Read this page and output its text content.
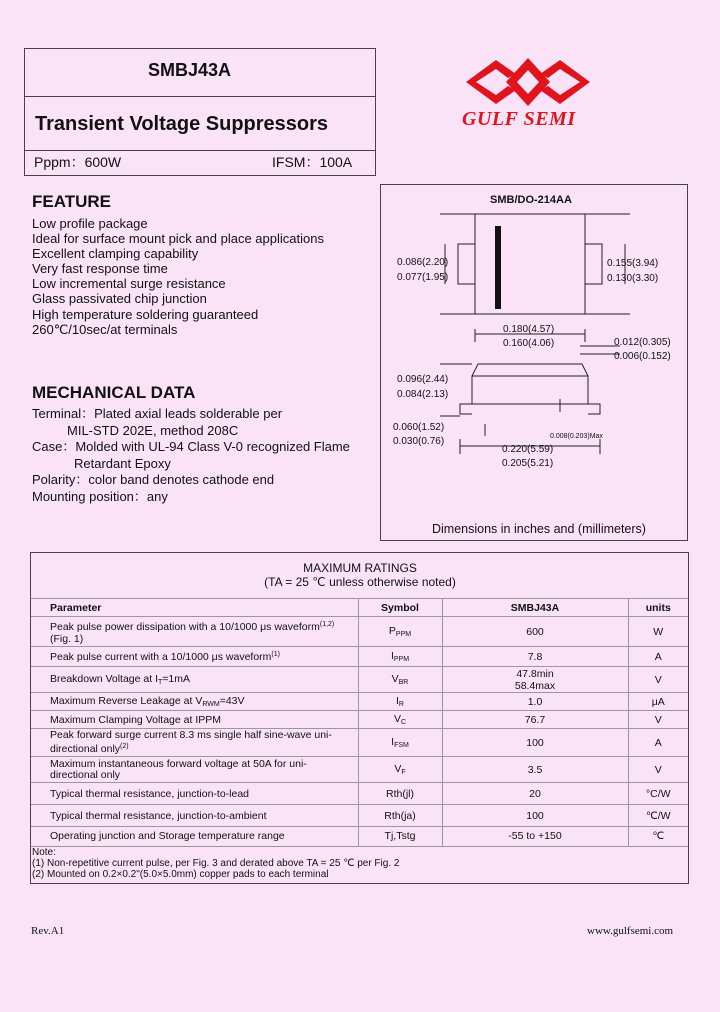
SMBJ43A
Transient Voltage Suppressors
Pppm：600W	IFSM：100A
GULF SEMI
FEATURE
Low profile package
Ideal for surface mount pick and place applications
Excellent clamping capability
Very fast response time
Low incremental surge resistance
Glass passivated chip junction
High temperature soldering guaranteed
260℃/10sec/at terminals
MECHANICAL DATA
Terminal：Plated axial leads solderable per
MIL-STD 202E, method 208C
Case：Molded with UL-94 Class V-0 recognized Flame
Retardant Epoxy
Polarity：color band denotes cathode end
Mounting position：any
SMB/DO-214AA
0.086(2.20)
0.077(1.95)
0.155(3.94)
0.130(3.30)
0.180(4.57)
0.160(4.06)	0.012(0.305)
0.006(0.152)
0.096(2.44)
0.084(2.13)
0.060(1.52)
0.030(0.76)	0.008(0.203)Max
0.220(5.59)
0.205(5.21)
Dimensions in inches and (millimeters)
MAXIMUM RATINGS
(TA = 25 ℃ unless otherwise noted)
Parameter	Symbol	SMBJ43A	units
Peak pulse power dissipation with a 10/1000 μs waveform$^{(1,2)}$
(Fig. 1)	PPPM	600	W
Peak pulse current with a 10/1000 μs waveform$^{(1)}$	IPPM	7.8	A
Breakdown Voltage at IT=1mA	VBR	47.8min
58.4max	V
Maximum Reverse Leakage at VRWM=43V	IR	1.0	μA
Maximum Clamping Voltage at IPPM	VC	76.7	V
Peak forward surge current 8.3 ms single half sine-wave uni-
directional only$^{(2)}$	IFSM	100	A
Maximum instantaneous forward voltage at 50A for uni-
directional only	VF	3.5	V
Typical thermal resistance, junction-to-lead	Rth(jl)	20	°C/W
Typical thermal resistance, junction-to-ambient	Rth(ja)	100	℃/W
Operating junction and Storage temperature range	Tj,Tstg	-55 to +150	℃
Note:
(1) Non-repetitive current pulse, per Fig. 3 and derated above TA = 25 ℃ per Fig. 2
(2) Mounted on 0.2×0.2"(5.0×5.0mm) copper pads to each terminal
Rev.A1	www.gulfsemi.com
